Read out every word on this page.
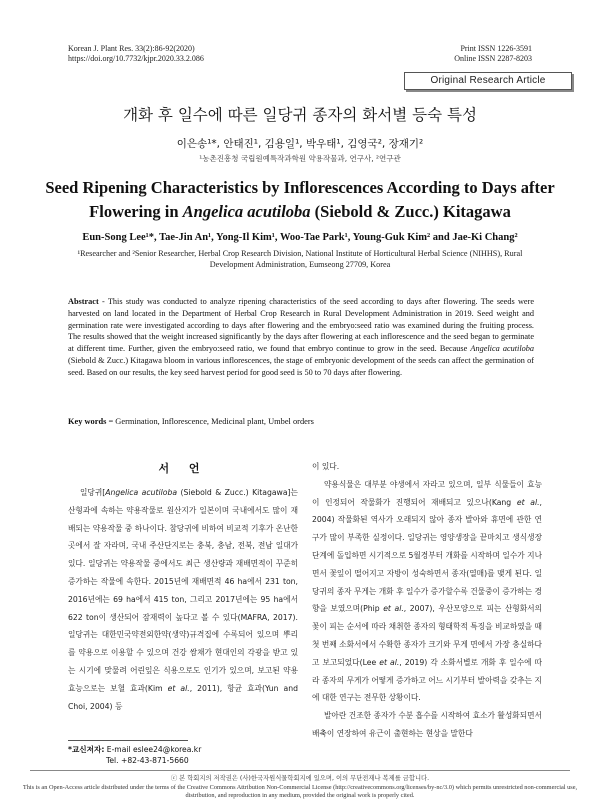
Korean J. Plant Res. 33(2):86-92(2020)
https://doi.org/10.7732/kjpr.2020.33.2.086
Print ISSN 1226-3591
Online ISSN 2287-8203
Original Research Article
개화 후 일수에 따른 일당귀 종자의 화서별 등숙 특성
이은송¹*, 안태진¹, 김용일¹, 박우태¹, 김영국², 장재기²
¹농촌진흥청 국립원예특작과학원 약용작물과, 연구사, ²연구관
Seed Ripening Characteristics by Inflorescences According to Days after Flowering in Angelica acutiloba (Siebold & Zucc.) Kitagawa
Eun-Song Lee¹*, Tae-Jin An¹, Yong-Il Kim¹, Woo-Tae Park¹, Young-Guk Kim² and Jae-Ki Chang²
¹Researcher and ²Senior Researcher, Herbal Crop Research Division, National Institute of Horticultural Herbal Science (NIHHS), Rural Development Administration, Eumseong 27709, Korea
Abstract - This study was conducted to analyze ripening characteristics of the seed according to days after flowering. The seeds were harvested on land located in the Department of Herbal Crop Research in Rural Development Administration in 2019. Seed weight and germination rate were investigated according to days after flowering and the embryo:seed ratio was examined during the fruiting process. The results showed that the weight increased significantly by the days after flowering at each inflorescence and the seed began to germinate at different time. Further, given the embryo:seed ratio, we found that embryo continue to grow in the seed. Because Angelica acutiloba (Siebold & Zucc.) Kitagawa bloom in various inflorescences, the stage of embryonic development of the seeds can affect the germination of seed. Based on our results, the key seed harvest period for good seed is 50 to 70 days after flowering.
Key words = Germination, Inflorescence, Medicinal plant, Umbel orders
서 언

일당귀[Angelica acutiloba (Siebold & Zucc.) Kitagawa]는 산형과에 속하는 약용작물로 원산지가 일본이며 국내에서도 많이 재배되는 약용작물 중 하나이다. 참당귀에 비하여 비교적 기후가 온난한 곳에서 잘 자라며, 국내 주산단지로는 충북, 충남, 전북, 전남 일대가 있다. 일당귀는 약용작물 중에서도 최근 생산량과 재배면적이 꾸준히 증가하는 작물에 속한다. 2015년에 재배면적 46 ha에서 231 ton, 2016년에는 69 ha에서 415 ton, 그리고 2017년에는 95 ha에서 622 ton이 생산되어 잠재력이 높다고 볼 수 있다(MAFRA, 2017). 일당귀는 대한민국약전외한약(생약)규격집에 수록되어 있으며 뿌리를 약용으로 이용할 수 있으며 건강 쌈채가 현대인의 각광을 받고 있는 시기에 맞물려 어린잎은 식용으로도 인기가 있으며, 보고된 약용 효능으로는 보혈 효과(Kim et al., 2011), 항균 효과(Yun and Choi, 2004) 등

이 있다.

약용식물은 대부분 야생에서 자라고 있으며, 일부 식물들이 효능이 인정되어 작물화가 진행되어 재배되고 있으나(Kang et al., 2004) 작물화된 역사가 오래되지 않아 종자 발아와 휴면에 관한 연구가 많이 부족한 실정이다. 일당귀는 영양생장을 끝마치고 생식생장 단계에 돌입하면 시기적으로 5월경부터 개화를 시작하며 일수가 지나면서 꽃잎이 떨어지고 자방이 성숙하면서 종자(열매)를 맺게 된다. 일당귀의 종자 무게는 개화 후 일수가 증가할수록 건물중이 증가하는 경향을 보였으며(Phip et al., 2007), 우산모양으로 피는 산형화서의 꽃이 피는 순서에 따라 채취한 종자의 형태학적 특징을 비교하였을 때 첫 번째 소화서에서 수확한 종자가 크기와 무게 면에서 가장 충실하다고 보고되었다(Lee et al., 2019) 각 소화서별로 개화 후 일수에 따라 종자의 무게가 어떻게 증가하고 어느 시기부터 발아력을 갖추는 지에 대한 연구는 전무한 상황이다.

발아란 건조한 종자가 수분 흡수를 시작하여 효소가 활성화되면서 배축이 연장하여 유근이 출현하는 현상을 말한다

*교신저자: E-mail eslee24@korea.kr
Tel. +82-43-871-5660
ⓒ 본 학회지의 저작권은 (사)한국자원식물학회지에 있으며, 이의 무단전재나 복제를 금합니다.
This is an Open-Access article distributed under the terms of the Creative Commons Attribution Non-Commercial License (http://creativecommons.org/licenses/by-nc/3.0) which permits unrestricted non-commercial use, distribution, and reproduction in any medium, provided the original work is properly cited.
